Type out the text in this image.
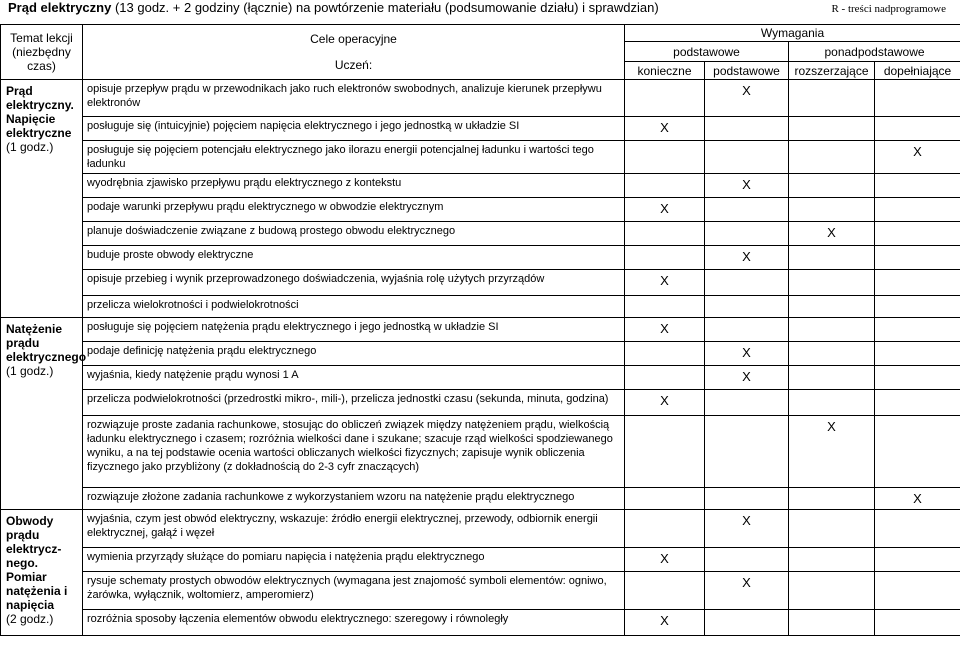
Prąd elektryczny (13 godz. + 2 godziny (łącznie) na powtórzenie materiału (podsumowanie działu) i sprawdzian)	R - treści nadprogramowe
Temat lekcji (niezbędny czas)	Cele operacyjne
Uczeń:	Wymagania			
		podstawowe		ponadpodstawowe	
		konieczne	podstawowe	rozszerzające	dopełniające
Prąd elektryczny. Napięcie elektryczne
(1 godz.)	opisuje przepływ prądu w przewodnikach jako ruch elektronów swobodnych, analizuje kierunek przepływu elektronów		X		
	posługuje się (intuicyjnie) pojęciem napięcia elektrycznego i jego jednostką w układzie SI	X			
	posługuje się pojęciem potencjału elektrycznego jako ilorazu energii potencjalnej ładunku i wartości tego ładunku				X
	wyodrębnia zjawisko przepływu prądu elektrycznego z kontekstu		X		
	podaje warunki przepływu prądu elektrycznego w obwodzie elektrycznym	X			
	planuje doświadczenie związane z budową prostego obwodu elektrycznego			X	
	buduje proste obwody elektryczne		X		
	opisuje przebieg i wynik przeprowadzonego doświadczenia, wyjaśnia rolę użytych przyrządów	X			
	przelicza wielokrotności i podwielokrotności				
Natężenie prądu elektrycznego
(1 godz.)	posługuje się pojęciem natężenia prądu elektrycznego i jego jednostką w układzie SI	X			
	podaje definicję natężenia prądu elektrycznego		X		
	wyjaśnia, kiedy natężenie prądu wynosi 1 A		X		
	przelicza podwielokrotności (przedrostki mikro-, mili-), przelicza jednostki czasu (sekunda, minuta, godzina)	X			
	rozwiązuje proste zadania rachunkowe, stosując do obliczeń związek między natężeniem prądu, wielkością ładunku elektrycznego i czasem; rozróżnia wielkości dane i szukane; szacuje rząd wielkości spodziewanego wyniku, a na tej podstawie ocenia wartości obliczanych wielkości fizycznych; zapisuje wynik obliczenia fizycznego jako przybliżony (z dokładnością do 2-3 cyfr znaczących)			X	
	rozwiązuje złożone zadania rachunkowe z wykorzystaniem wzoru na natężenie prądu elektrycznego				X
Obwody prądu elektrycz-nego. Pomiar natężenia i napięcia
(2 godz.)	wyjaśnia, czym jest obwód elektryczny, wskazuje: źródło energii elektrycznej, przewody, odbiornik energii elektrycznej, gałąź i węzeł		X		
	wymienia przyrządy służące do pomiaru napięcia i natężenia prądu elektrycznego	X			
	rysuje schematy prostych obwodów elektrycznych (wymagana jest znajomość symboli elementów: ogniwo, żarówka, wyłącznik, woltomierz, amperomierz)		X		
	rozróżnia sposoby łączenia elementów obwodu elektrycznego: szeregowy i równoległy	X			
